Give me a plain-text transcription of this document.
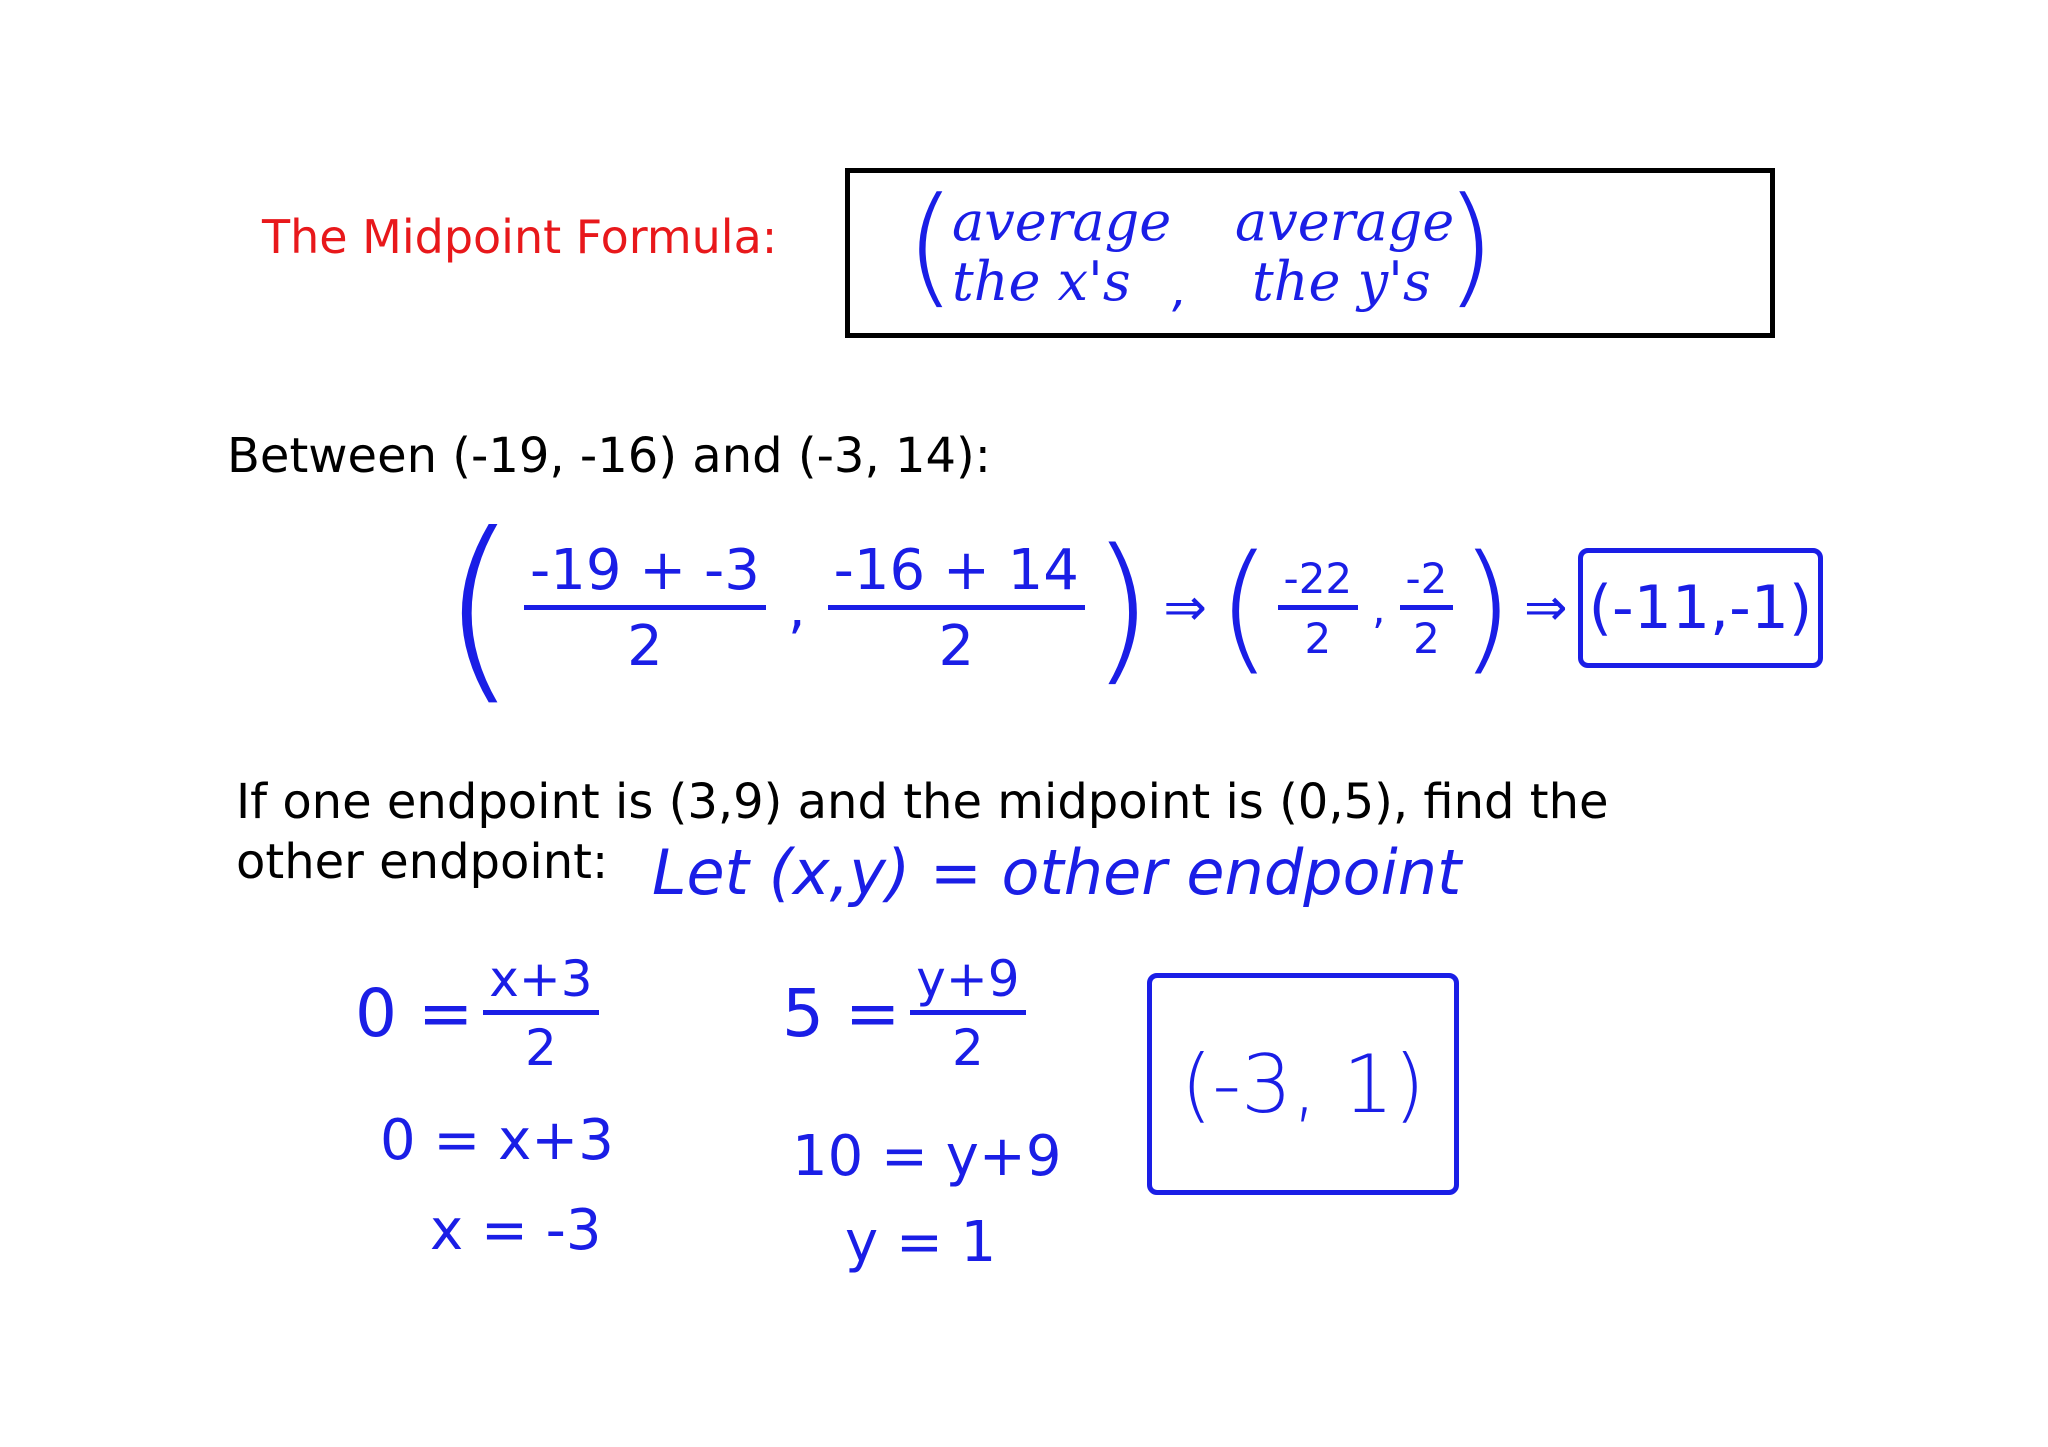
The Midpoint Formula: (
average
the x's ,
average
the y's )
Between (-19, -16) and (-3, 14):
( $\frac{-19 + -3}{2}$ , $\frac{-16 + 14}{2}$ ) ⇒ ( $\frac{-22}{2}$ , $\frac{-2}{2}$ ) ⇒ (-11,-1)
If one endpoint is (3,9) and the midpoint is (0,5), find the other endpoint: Let (x,y) = other endpoint
$0 = \frac{x+3}{2}$
0 = x+3
x = -3
$5 = \frac{y+9}{2}$
10 = y+9
y = 1
(-3, 1)
